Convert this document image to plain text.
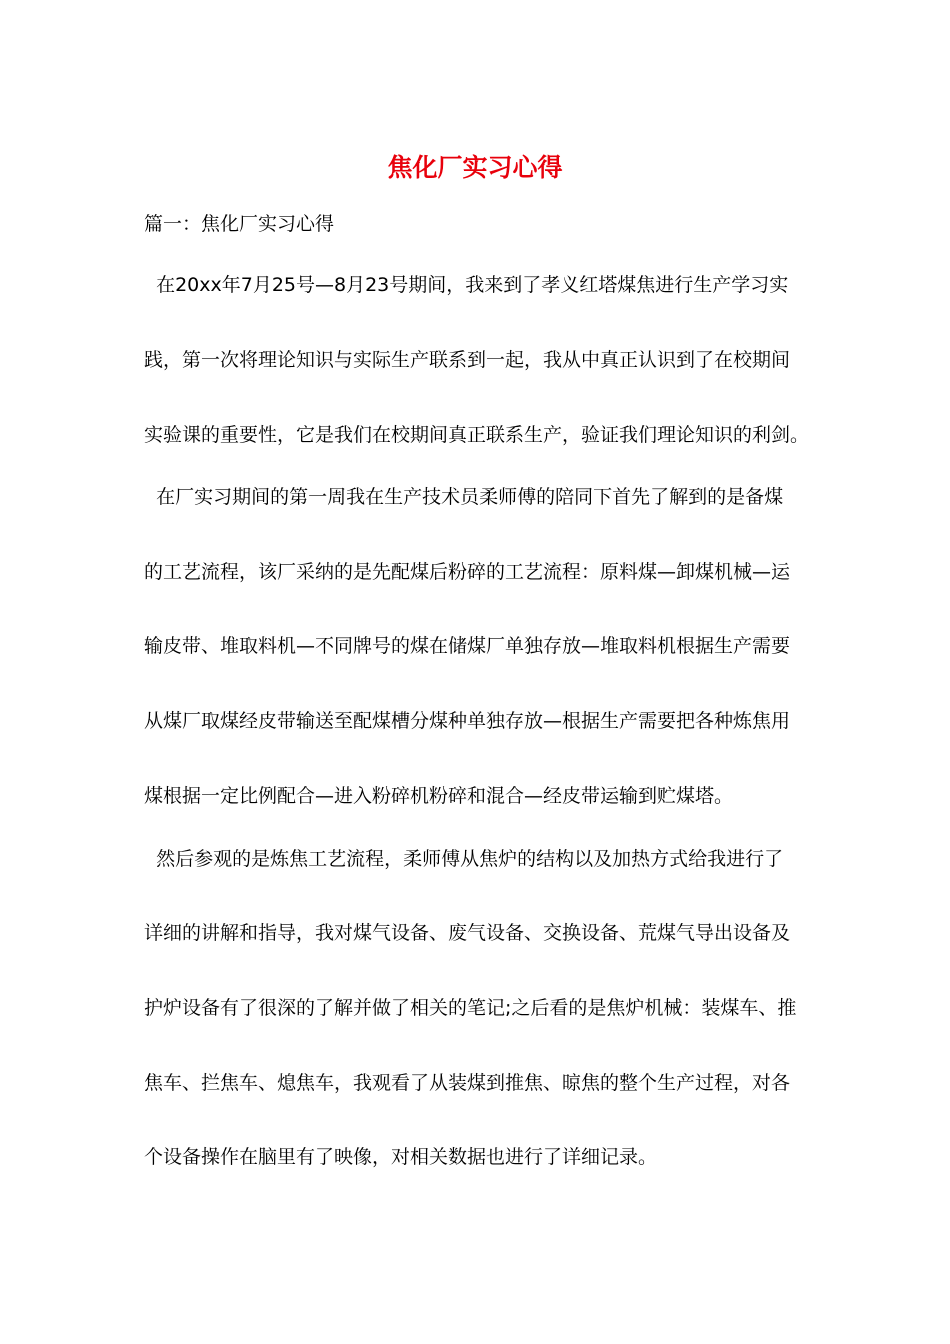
焦化厂实习心得

篇一：焦化厂实习心得

在20xx年7月25号—8月23号期间，我来到了孝义红塔煤焦进行生产学习实

践，第一次将理论知识与实际生产联系到一起，我从中真正认识到了在校期间

实验课的重要性，它是我们在校期间真正联系生产，验证我们理论知识的利剑。

在厂实习期间的第一周我在生产技术员柔师傅的陪同下首先了解到的是备煤

的工艺流程，该厂采纳的是先配煤后粉碎的工艺流程：原料煤—卸煤机械—运

输皮带、堆取料机—不同牌号的煤在储煤厂单独存放—堆取料机根据生产需要

从煤厂取煤经皮带输送至配煤槽分煤种单独存放—根据生产需要把各种炼焦用

煤根据一定比例配合—进入粉碎机粉碎和混合—经皮带运输到贮煤塔。

然后参观的是炼焦工艺流程，柔师傅从焦炉的结构以及加热方式给我进行了

详细的讲解和指导，我对煤气设备、废气设备、交换设备、荒煤气导出设备及

护炉设备有了很深的了解并做了相关的笔记;之后看的是焦炉机械：装煤车、推

焦车、拦焦车、熄焦车，我观看了从装煤到推焦、晾焦的整个生产过程，对各

个设备操作在脑里有了映像，对相关数据也进行了详细记录。
